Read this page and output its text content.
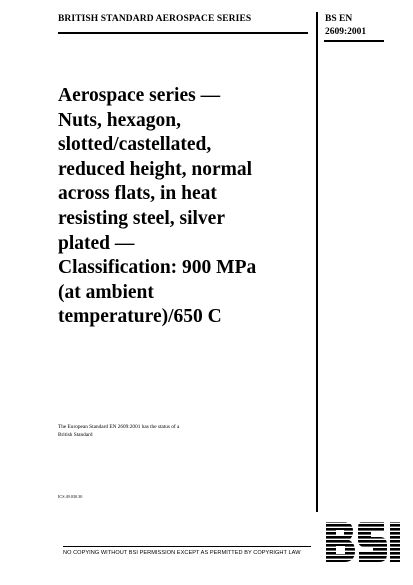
BRITISH STANDARD AEROSPACE SERIES	BS EN
2609:2001
Aerospace series —
Nuts, hexagon,
slotted/castellated,
reduced height, normal
across flats, in heat
resisting steel, silver
plated —
Classification: 900 MPa
(at ambient
temperature)/650 C
The European Standard EN 2609:2001 has the status of a
British Standard
ICS 49.030.30
NO COPYING WITHOUT BSI PERMISSION EXCEPT AS PERMITTED BY COPYRIGHT LAW
